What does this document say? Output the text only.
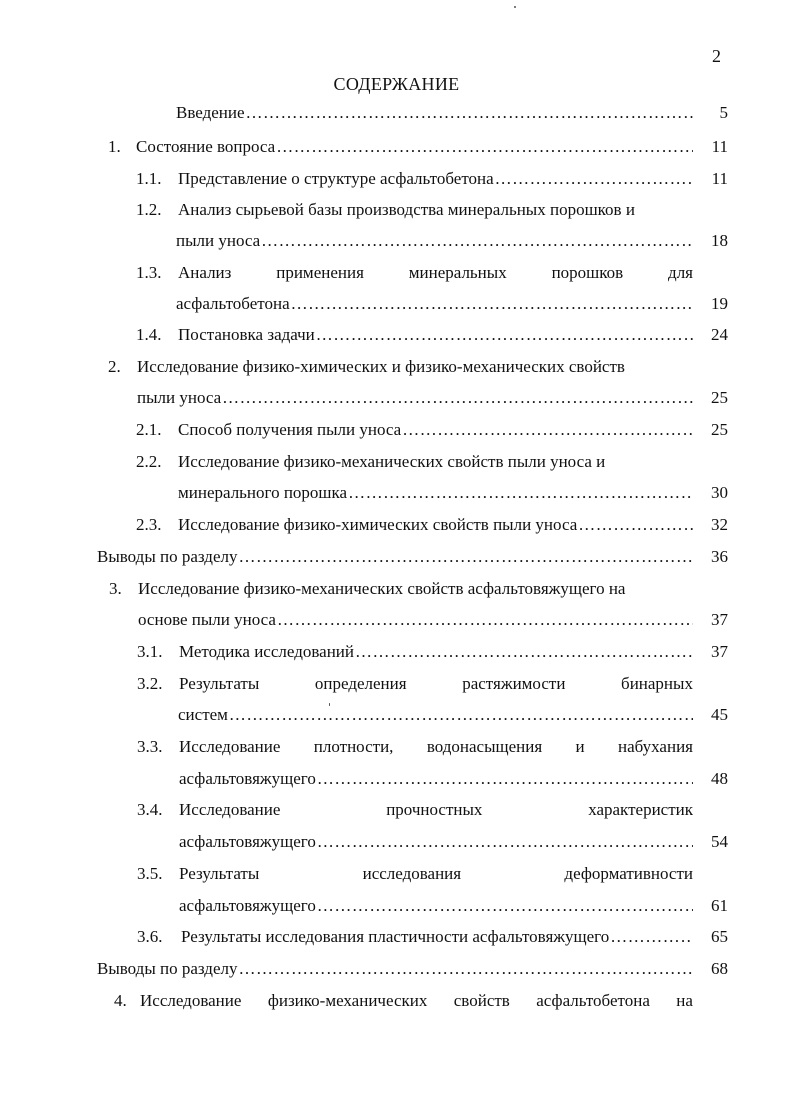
2
СОДЕРЖАНИЕ
Введение …………………………………………………………………………………………………………………………………………………………………………………………………………	5
1. Состояние вопроса …………………………………………………………………………………………………………………………………………………………………………………………………………	11
1.1. Представление о структуре асфальтобетона …………………………………………………………………………………………………………………………………………………………………………………………………………	11
1.2. Анализ сырьевой базы производства минеральных порошков и
пыли уноса …………………………………………………………………………………………………………………………………………………………………………………………………………	18
1.3. Анализ	применения	минеральных	порошков	для
асфальтобетона …………………………………………………………………………………………………………………………………………………………………………………………………………	19
1.4. Постановка задачи …………………………………………………………………………………………………………………………………………………………………………………………………………	24
2. Исследование физико-химических и физико-механических свойств
пыли уноса …………………………………………………………………………………………………………………………………………………………………………………………………………	25
2.1. Способ получения пыли уноса …………………………………………………………………………………………………………………………………………………………………………………………………………	25
2.2. Исследование физико-механических свойств пыли уноса и
минерального порошка …………………………………………………………………………………………………………………………………………………………………………………………………………	30
2.3. Исследование физико-химических свойств пыли уноса …………………………………………………………………………………………………………………………………………………………………………………………………………	32
Выводы по разделу …………………………………………………………………………………………………………………………………………………………………………………………………………	36
3. Исследование физико-механических свойств асфальтовяжущего на
основе пыли уноса …………………………………………………………………………………………………………………………………………………………………………………………………………	37
3.1. Методика исследований …………………………………………………………………………………………………………………………………………………………………………………………………………	37
3.2. Результаты	определения	растяжимости	бинарных
систем …………………………………………………………………………………………………………………………………………………………………………………………………………	45
3.3. Исследование плотности, водонасыщения и набухания
асфальтовяжущего …………………………………………………………………………………………………………………………………………………………………………………………………………	48
3.4. Исследование	прочностных	характеристик
асфальтовяжущего …………………………………………………………………………………………………………………………………………………………………………………………………………	54
3.5. Результаты	исследования	деформативности
асфальтовяжущего …………………………………………………………………………………………………………………………………………………………………………………………………………	61
3.6. Результаты исследования пластичности асфальтовяжущего …………………………………………………………………………………………………………………………………………………………………………………………………………	65
Выводы по разделу …………………………………………………………………………………………………………………………………………………………………………………………………………	68
4. Исследование физико-механических свойств асфальтобетона на
